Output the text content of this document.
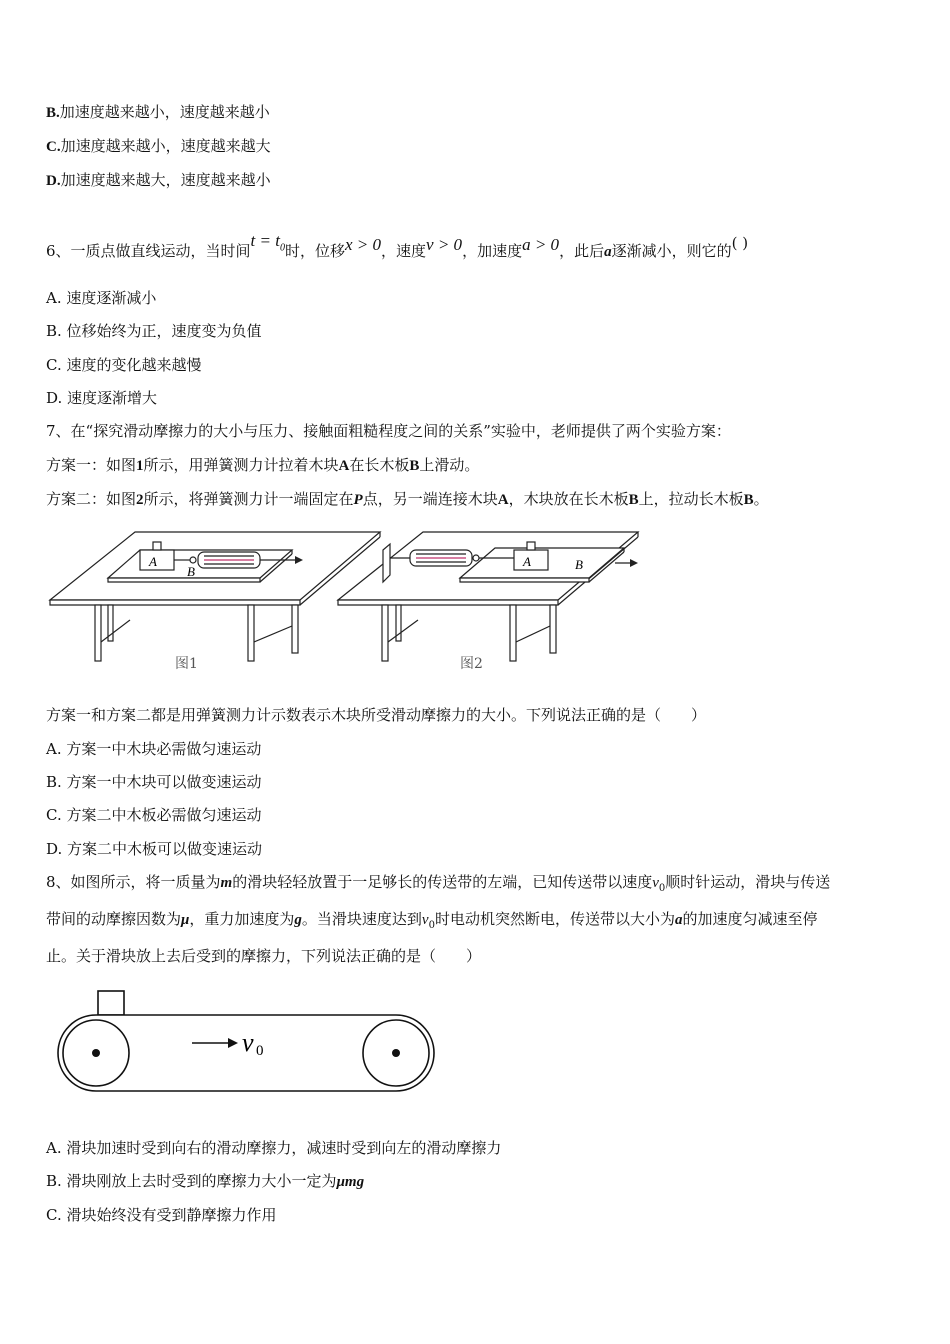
B.加速度越来越小，速度越来越小
C.加速度越来越小，速度越来越大
D.加速度越来越大，速度越来越小
6、一质点做直线运动，当时间$t = t_0$时，位移x > 0，速度v > 0，加速度a > 0，此后a逐渐减小，则它的( )
A. 速度逐渐减小
B. 位移始终为正，速度变为负值
C. 速度的变化越来越慢
D. 速度逐渐增大
7、在“探究滑动摩擦力的大小与压力、接触面粗糙程度之间的关系”实验中，老师提供了两个实验方案：
方案一：如图1所示，用弹簧测力计拉着木块A在长木板B上滑动。
方案二：如图2所示，将弹簧测力计一端固定在P点，另一端连接木块A，木块放在长木板B上，拉动长木板B。
A
B
A	B
图1	图2
方案一和方案二都是用弹簧测力计示数表示木块所受滑动摩擦力的大小。下列说法正确的是（　　）
A. 方案一中木块必需做匀速运动
B. 方案一中木块可以做变速运动
C. 方案二中木板必需做匀速运动
D. 方案二中木板可以做变速运动
8、如图所示，将一质量为m的滑块轻轻放置于一足够长的传送带的左端，已知传送带以速度$v_0$顺时针运动，滑块与传送
带间的动摩擦因数为μ，重力加速度为g。当滑块速度达到$v_0$时电动机突然断电，传送带以大小为a的加速度匀减速至停
止。关于滑块放上去后受到的摩擦力，下列说法正确的是（　　）
v 0
A. 滑块加速时受到向右的滑动摩擦力，减速时受到向左的滑动摩擦力
B. 滑块刚放上去时受到的摩擦力大小一定为μmg
C. 滑块始终没有受到静摩擦力作用
